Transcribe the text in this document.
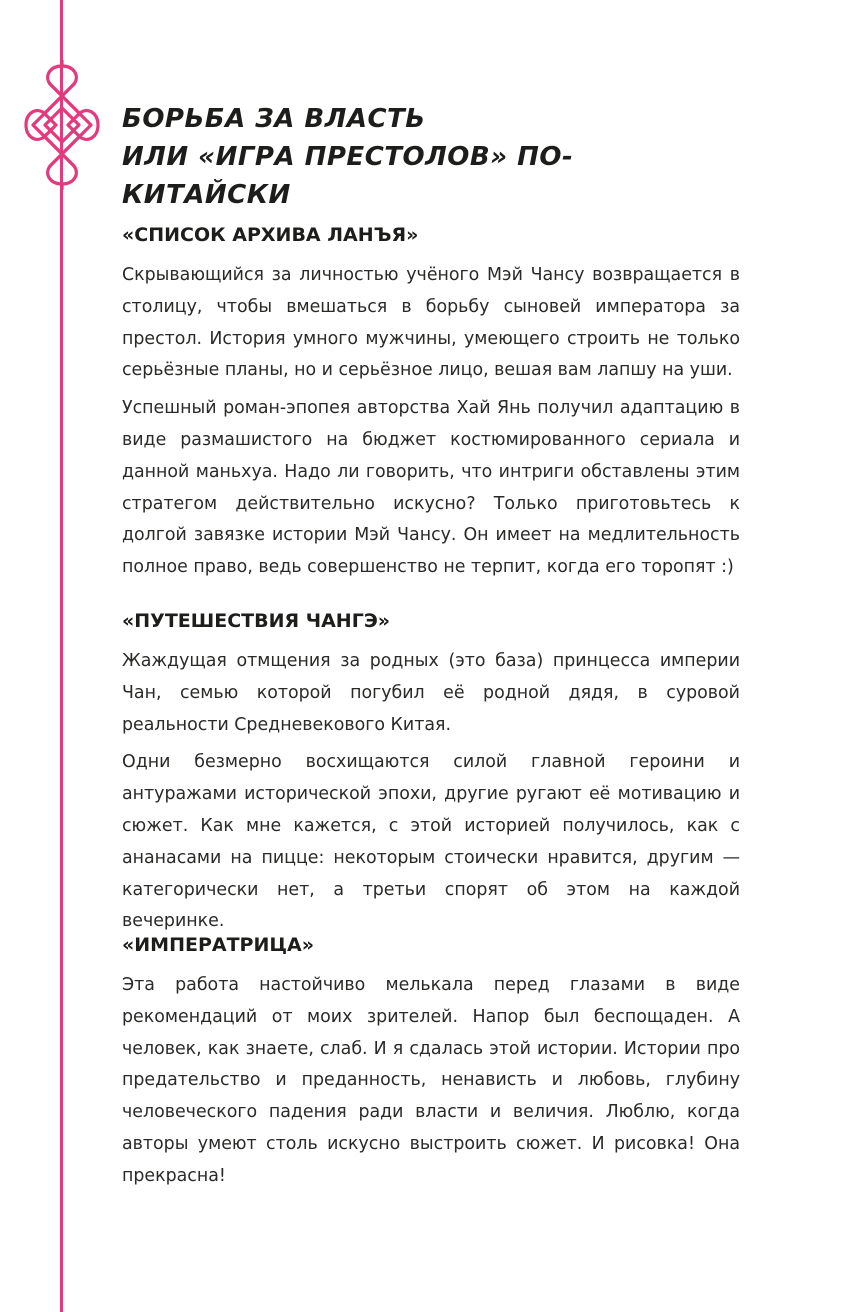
БОРЬБА ЗА ВЛАСТЬ
ИЛИ «ИГРА ПРЕСТОЛОВ» ПО-КИТАЙСКИ
«СПИСОК АРХИВА ЛАНЪЯ»

Скрывающийся за личностью учёного Мэй Чансу возвращается в столицу, чтобы вмешаться в борьбу сыновей императора за престол. История умного мужчины, умеющего строить не только серьёзные планы, но и серьёзное лицо, вешая вам лапшу на уши.

Успешный роман-эпопея авторства Хай Янь получил адаптацию в виде размашистого на бюджет костюмированного сериала и данной маньхуа. Надо ли говорить, что интриги обставлены этим стратегом действительно искусно? Только приготовьтесь к долгой завязке истории Мэй Чансу. Он имеет на медлительность полное право, ведь совершенство не терпит, когда его торопят :)

«ПУТЕШЕСТВИЯ ЧАНГЭ»

Жаждущая отмщения за родных (это база) принцесса империи Чан, семью которой погубил её родной дядя, в суровой реальности Средневекового Китая.

Одни безмерно восхищаются силой главной героини и антуражами исторической эпохи, другие ругают её мотивацию и сюжет. Как мне кажется, с этой историей получилось, как с ананасами на пицце: некоторым стоически нравится, другим — категорически нет, а третьи спорят об этом на каждой вечеринке.

«ИМПЕРАТРИЦА»

Эта работа настойчиво мелькала перед глазами в виде рекомендаций от моих зрителей. Напор был беспощаден. А человек, как знаете, слаб. И я сдалась этой истории. Истории про предательство и преданность, ненависть и любовь, глубину человеческого падения ради власти и величия. Люблю, когда авторы умеют столь искусно выстроить сюжет. И рисовка! Она прекрасна!
